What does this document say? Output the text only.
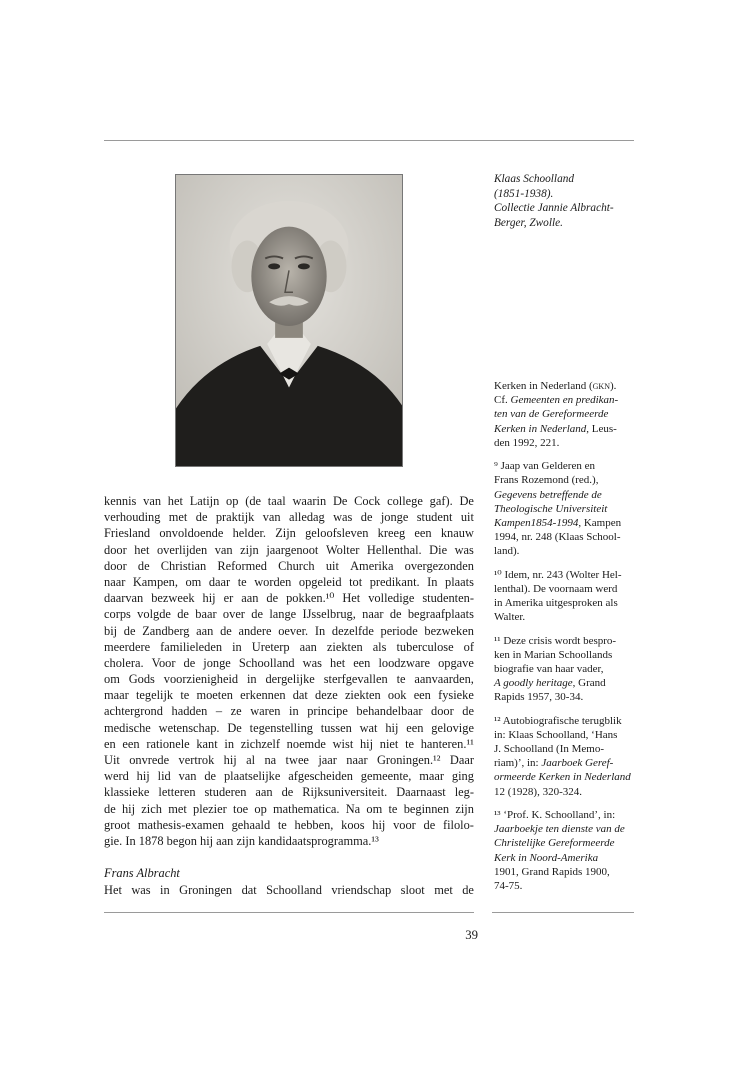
Klaas Schoolland
(1851-1938).
Collectie Jannie Albracht-
Berger, Zwolle.
kennis van het Latijn op (de taal waarin De Cock college gaf). De
verhouding met de praktijk van alledag was de jonge student uit
Friesland onvoldoende helder. Zijn geloofsleven kreeg een knauw
door het overlijden van zijn jaargenoot Wolter Hellenthal. Die was
door de Christian Reformed Church uit Amerika overgezonden
naar Kampen, om daar te worden opgeleid tot predikant. In plaats
daarvan bezweek hij er aan de pokken.¹⁰ Het volledige studenten-
corps volgde de baar over de lange IJsselbrug, naar de begraafplaats
bij de Zandberg aan de andere oever. In dezelfde periode bezweken
meerdere familieleden in Ureterp aan ziekten als tuberculose of
cholera. Voor de jonge Schoolland was het een loodzware opgave
om Gods voorzienigheid in dergelijke sterfgevallen te aanvaarden,
maar tegelijk te moeten erkennen dat deze ziekten ook een fysieke
achtergrond hadden – ze waren in principe behandelbaar door de
medische wetenschap. De tegenstelling tussen wat hij een gelovige
en een rationele kant in zichzelf noemde wist hij niet te hanteren.¹¹
Uit onvrede vertrok hij al na twee jaar naar Groningen.¹² Daar
werd hij lid van de plaatselijke afgescheiden gemeente, maar ging
klassieke letteren studeren aan de Rijksuniversiteit. Daarnaast leg-
de hij zich met plezier toe op mathematica. Na om te beginnen zijn
groot mathesis-examen gehaald te hebben, koos hij voor de filolo-
gie. In 1878 begon hij aan zijn kandidaatsprogramma.¹³
Frans Albracht
Het was in Groningen dat Schoolland vriendschap sloot met de
Kerken in Nederland (gkn).
Cf. Gemeenten en predikan-
ten van de Gereformeerde
Kerken in Nederland, Leus-
den 1992, 221.
⁹ Jaap van Gelderen en
Frans Rozemond (red.),
Gegevens betreffende de
Theologische Universiteit
Kampen1854-1994, Kampen
1994, nr. 248 (Klaas School-
land).
¹⁰ Idem, nr. 243 (Wolter Hel-
lenthal). De voornaam werd
in Amerika uitgesproken als
Walter.
¹¹ Deze crisis wordt bespro-
ken in Marian Schoollands
biografie van haar vader,
A goodly heritage, Grand
Rapids 1957, 30-34.
¹² Autobiografische terugblik
in: Klaas Schoolland, ‘Hans
J. Schoolland (In Memo-
riam)’, in: Jaarboek Geref-
ormeerde Kerken in Nederland
12 (1928), 320-324.
¹³ ‘Prof. K. Schoolland’, in:
Jaarboekje ten dienste van de
Christelijke Gereformeerde
Kerk in Noord-Amerika
1901, Grand Rapids 1900,
74-75.
39
